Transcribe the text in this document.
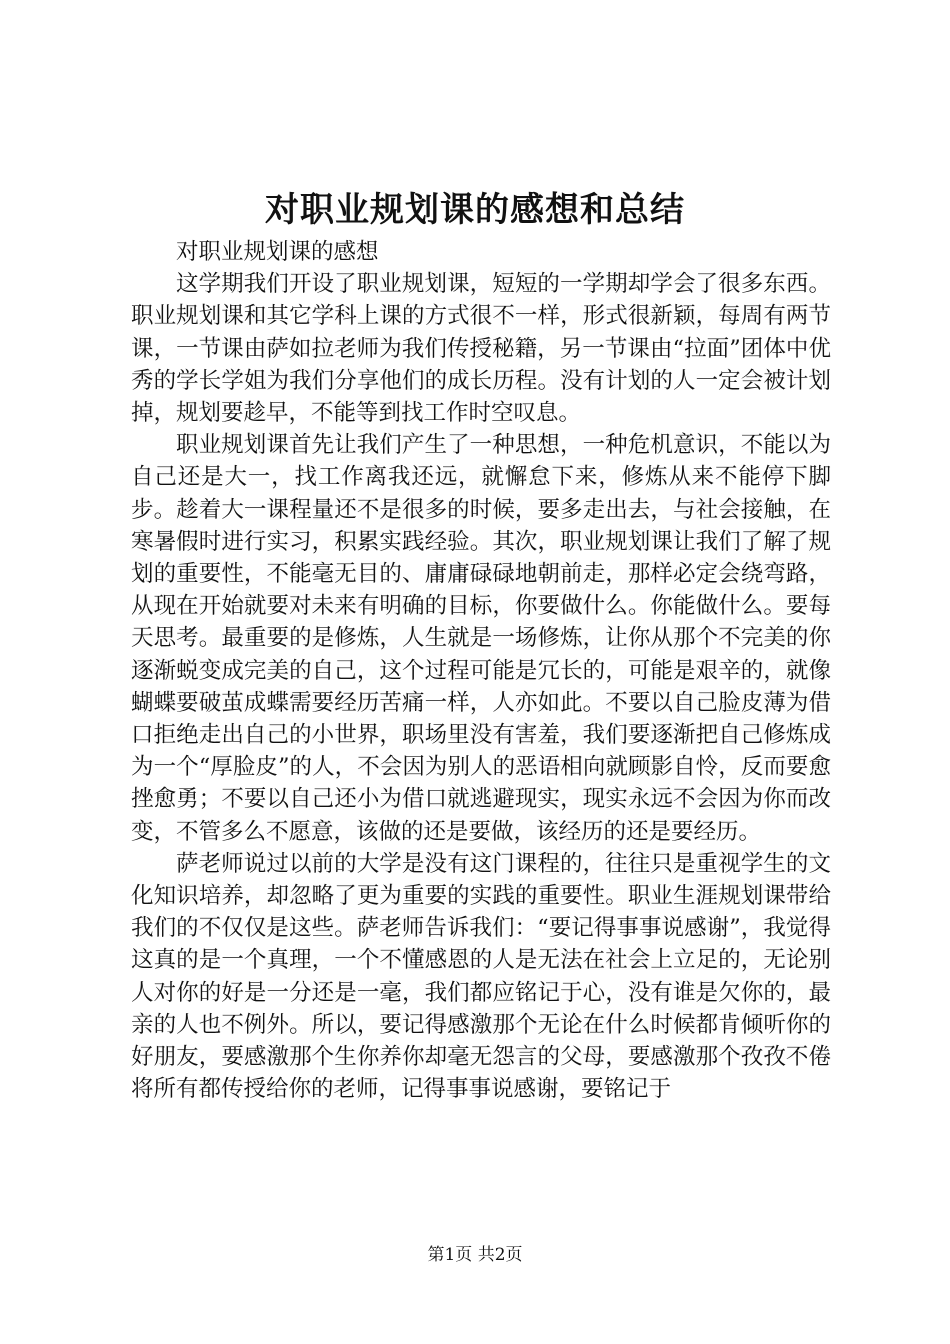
对职业规划课的感想和总结

对职业规划课的感想

这学期我们开设了职业规划课，短短的一学期却学会了很多东西。职业规划课和其它学科上课的方式很不一样，形式很新颖，每周有两节课，一节课由萨如拉老师为我们传授秘籍，另一节课由“拉面”团体中优秀的学长学姐为我们分享他们的成长历程。没有计划的人一定会被计划掉，规划要趁早，不能等到找工作时空叹息。

职业规划课首先让我们产生了一种思想，一种危机意识，不能以为自己还是大一，找工作离我还远，就懈怠下来，修炼从来不能停下脚步。趁着大一课程量还不是很多的时候，要多走出去，与社会接触，在寒暑假时进行实习，积累实践经验。其次，职业规划课让我们了解了规划的重要性，不能毫无目的、庸庸碌碌地朝前走，那样必定会绕弯路，从现在开始就要对未来有明确的目标，你要做什么。你能做什么。要每天思考。最重要的是修炼，人生就是一场修炼，让你从那个不完美的你逐渐蜕变成完美的自己，这个过程可能是冗长的，可能是艰辛的，就像蝴蝶要破茧成蝶需要经历苦痛一样，人亦如此。不要以自己脸皮薄为借口拒绝走出自己的小世界，职场里没有害羞，我们要逐渐把自己修炼成为一个“厚脸皮”的人，不会因为别人的恶语相向就顾影自怜，反而要愈挫愈勇；不要以自己还小为借口就逃避现实，现实永远不会因为你而改变，不管多么不愿意，该做的还是要做，该经历的还是要经历。

萨老师说过以前的大学是没有这门课程的，往往只是重视学生的文化知识培养，却忽略了更为重要的实践的重要性。职业生涯规划课带给我们的不仅仅是这些。萨老师告诉我们：“要记得事事说感谢”，我觉得这真的是一个真理，一个不懂感恩的人是无法在社会上立足的，无论别人对你的好是一分还是一毫，我们都应铭记于心，没有谁是欠你的，最亲的人也不例外。所以，要记得感激那个无论在什么时候都肯倾听你的好朋友，要感激那个生你养你却毫无怨言的父母，要感激那个孜孜不倦将所有都传授给你的老师，记得事事说感谢，要铭记于

第1页 共2页
